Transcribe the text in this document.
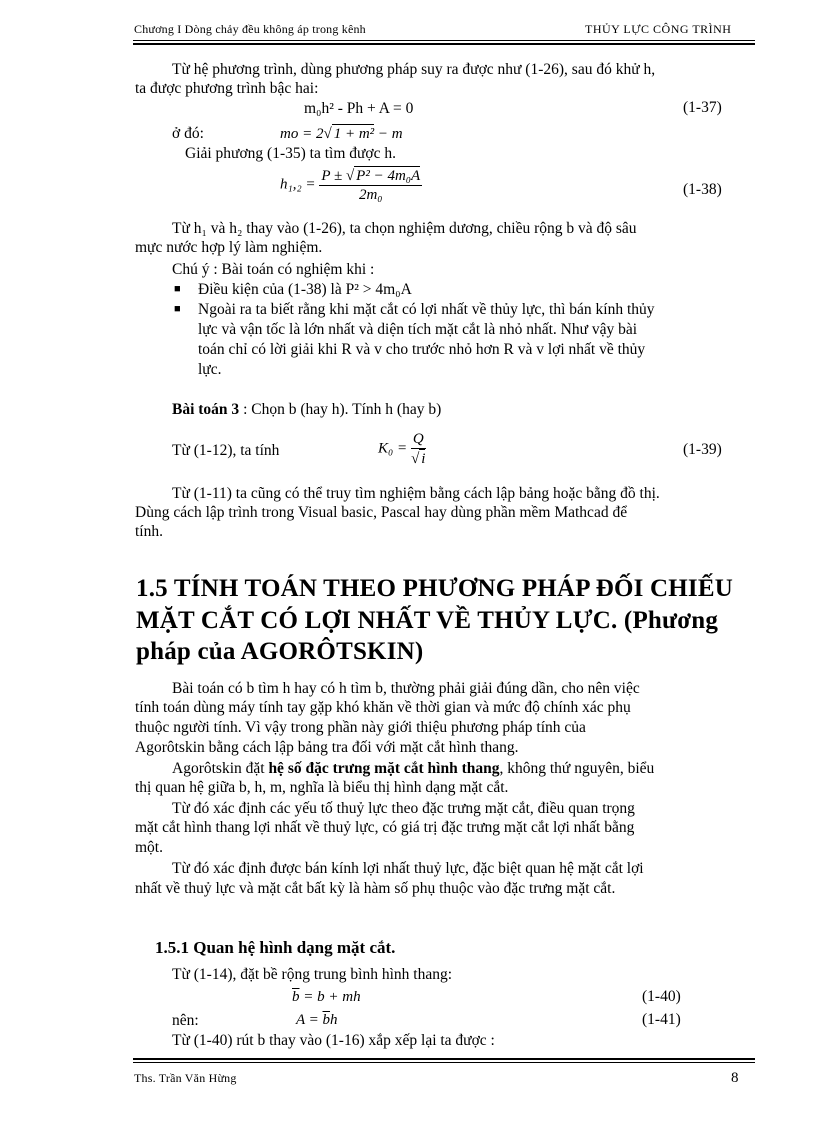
Chương I Dòng chảy đều không áp trong kênh	THỦY LỰC CÔNG TRÌNH
Từ hệ phương trình, dùng phương pháp suy ra được như (1-26), sau đó khử h,
ta được phương trình bậc hai:
m₀h² - Ph + A = 0	(1-37)
ở đó:	mo = 2√ 1 + m² − m
Giải phương (1-35) ta tìm được h.
$h_1,_2 = \frac{\text{P ± √ P² − 4m₀A}}{\text{2m₀}}$	(1-38)
Từ h₁ và h₂ thay vào (1-26), ta chọn nghiệm dương, chiều rộng b và độ sâu
mực nước hợp lý làm nghiệm.
Chú ý : Bài toán có nghiệm khi :
■ Điều kiện của (1-38) là P² > 4m₀A
■ Ngoài ra ta biết rằng khi mặt cắt có lợi nhất về thủy lực, thì bán kính thủy
lực và vận tốc là lớn nhất và diện tích mặt cắt là nhỏ nhất. Như vậy bài
toán chỉ có lời giải khi R và v cho trước nhỏ hơn R và v lợi nhất về thủy
lực.
Bài toán 3 : Chọn b (hay h). Tính h (hay b)
Từ (1-12), ta tính	$K_0 = \frac{Q}{√ i}$	(1-39)
Từ (1-11) ta cũng có thể truy tìm nghiệm bằng cách lập bảng hoặc bằng đồ thị.
Dùng cách lập trình trong Visual basic, Pascal hay dùng phần mềm Mathcad để
tính.
1.5 TÍNH TOÁN THEO PHƯƠNG PHÁP ĐỐI CHIẾU
MẶT CẮT CÓ LỢI NHẤT VỀ THỦY LỰC. (Phương
pháp của AGORÔTSKIN)
Bài toán có b tìm h hay có h tìm b, thường phải giải đúng dần, cho nên việc
tính toán dùng máy tính tay gặp khó khăn về thời gian và mức độ chính xác phụ
thuộc người tính. Vì vậy trong phần này giới thiệu phương pháp tính của
Agorôtskin bằng cách lập bảng tra đối với mặt cắt hình thang.
Agorôtskin đặt hệ số đặc trưng mặt cắt hình thang, không thứ nguyên, biểu
thị quan hệ giữa b, h, m, nghĩa là biểu thị hình dạng mặt cắt.
Từ đó xác định các yếu tố thuỷ lực theo đặc trưng mặt cắt, điều quan trọng
mặt cắt hình thang lợi nhất về thuỷ lực, có giá trị đặc trưng mặt cắt lợi nhất bằng
một.
Từ đó xác định được bán kính lợi nhất thuỷ lực, đặc biệt quan hệ mặt cắt lợi
nhất về thuỷ lực và mặt cắt bất kỳ là hàm số phụ thuộc vào đặc trưng mặt cắt.
1.5.1 Quan hệ hình dạng mặt cắt.
Từ (1-14), đặt bề rộng trung bình hình thang:
$\overline{b} = b$ + mh	(1-40)
nên:	$A = \overline{b}h$	(1-41)
Từ (1-40) rút b thay vào (1-16) xắp xếp lại ta được :
Ths. Trần Văn Hừng	8
